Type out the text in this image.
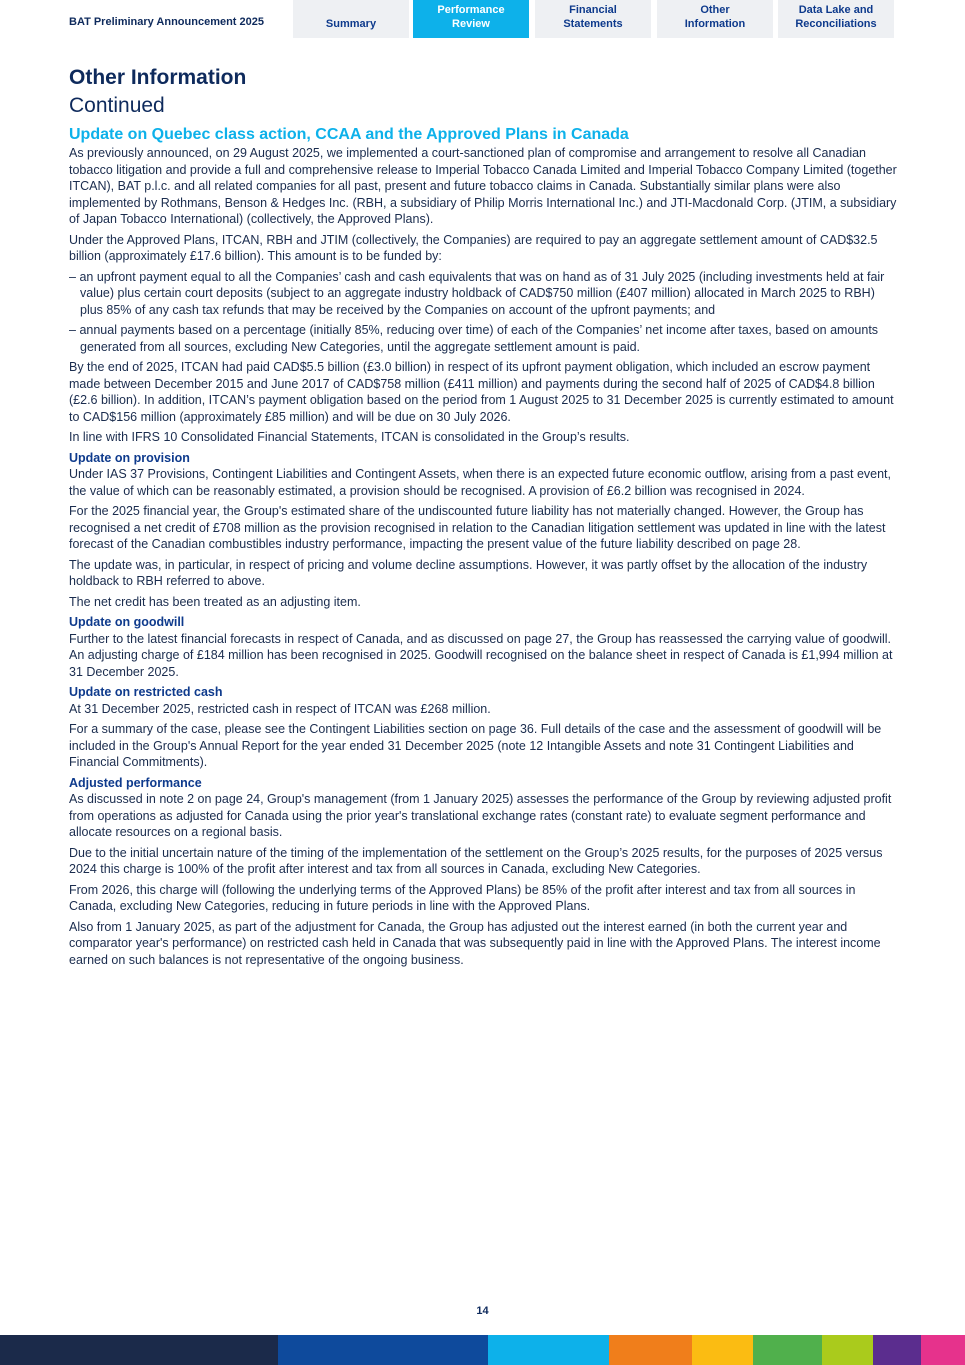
BAT Preliminary Announcement 2025	Summary
Performance
Review
Financial
Statements
Other
Information
Data Lake and
Reconciliations
Other Information
Continued
Update on Quebec class action, CCAA and the Approved Plans in Canada

As previously announced, on 29 August 2025, we implemented a court-sanctioned plan of compromise and arrangement to resolve all Canadian tobacco litigation and provide a full and comprehensive release to Imperial Tobacco Canada Limited and Imperial Tobacco Company Limited (together ITCAN), BAT p.l.c. and all related companies for all past, present and future tobacco claims in Canada. Substantially similar plans were also implemented by Rothmans, Benson & Hedges Inc. (RBH, a subsidiary of Philip Morris International Inc.) and JTI-Macdonald Corp. (JTIM, a subsidiary of Japan Tobacco International) (collectively, the Approved Plans).

Under the Approved Plans, ITCAN, RBH and JTIM (collectively, the Companies) are required to pay an aggregate settlement amount of CAD$32.5 billion (approximately £17.6 billion). This amount is to be funded by:

– an upfront payment equal to all the Companies’ cash and cash equivalents that was on hand as of 31 July 2025 (including investments held at fair value) plus certain court deposits (subject to an aggregate industry holdback of CAD$750 million (£407 million) allocated in March 2025 to RBH) plus 85% of any cash tax refunds that may be received by the Companies on account of the upfront payments; and
– annual payments based on a percentage (initially 85%, reducing over time) of each of the Companies’ net income after taxes, based on amounts generated from all sources, excluding New Categories, until the aggregate settlement amount is paid.

By the end of 2025, ITCAN had paid CAD$5.5 billion (£3.0 billion) in respect of its upfront payment obligation, which included an escrow payment made between December 2015 and June 2017 of CAD$758 million (£411 million) and payments during the second half of 2025 of CAD$4.8 billion (£2.6 billion). In addition, ITCAN’s payment obligation based on the period from 1 August 2025 to 31 December 2025 is currently estimated to amount to CAD$156 million (approximately £85 million) and will be due on 30 July 2026.

In line with IFRS 10 Consolidated Financial Statements, ITCAN is consolidated in the Group’s results.

Update on provision

Under IAS 37 Provisions, Contingent Liabilities and Contingent Assets, when there is an expected future economic outflow, arising from a past event, the value of which can be reasonably estimated, a provision should be recognised. A provision of £6.2 billion was recognised in 2024.

For the 2025 financial year, the Group's estimated share of the undiscounted future liability has not materially changed. However, the Group has recognised a net credit of £708 million as the provision recognised in relation to the Canadian litigation settlement was updated in line with the latest forecast of the Canadian combustibles industry performance, impacting the present value of the future liability described on page 28.

The update was, in particular, in respect of pricing and volume decline assumptions. However, it was partly offset by the allocation of the industry holdback to RBH referred to above.

The net credit has been treated as an adjusting item.

Update on goodwill

Further to the latest financial forecasts in respect of Canada, and as discussed on page 27, the Group has reassessed the carrying value of goodwill. An adjusting charge of £184 million has been recognised in 2025. Goodwill recognised on the balance sheet in respect of Canada is £1,994 million at 31 December 2025.

Update on restricted cash

At 31 December 2025, restricted cash in respect of ITCAN was £268 million.

For a summary of the case, please see the Contingent Liabilities section on page 36. Full details of the case and the assessment of goodwill will be included in the Group's Annual Report for the year ended 31 December 2025 (note 12 Intangible Assets and note 31 Contingent Liabilities and Financial Commitments).

Adjusted performance

As discussed in note 2 on page 24, Group's management (from 1 January 2025) assesses the performance of the Group by reviewing adjusted profit from operations as adjusted for Canada using the prior year's translational exchange rates (constant rate) to evaluate segment performance and allocate resources on a regional basis.

Due to the initial uncertain nature of the timing of the implementation of the settlement on the Group’s 2025 results, for the purposes of 2025 versus 2024 this charge is 100% of the profit after interest and tax from all sources in Canada, excluding New Categories.

From 2026, this charge will (following the underlying terms of the Approved Plans) be 85% of the profit after interest and tax from all sources in Canada, excluding New Categories, reducing in future periods in line with the Approved Plans.

Also from 1 January 2025, as part of the adjustment for Canada, the Group has adjusted out the interest earned (in both the current year and comparator year's performance) on restricted cash held in Canada that was subsequently paid in line with the Approved Plans. The interest income earned on such balances is not representative of the ongoing business.

14
